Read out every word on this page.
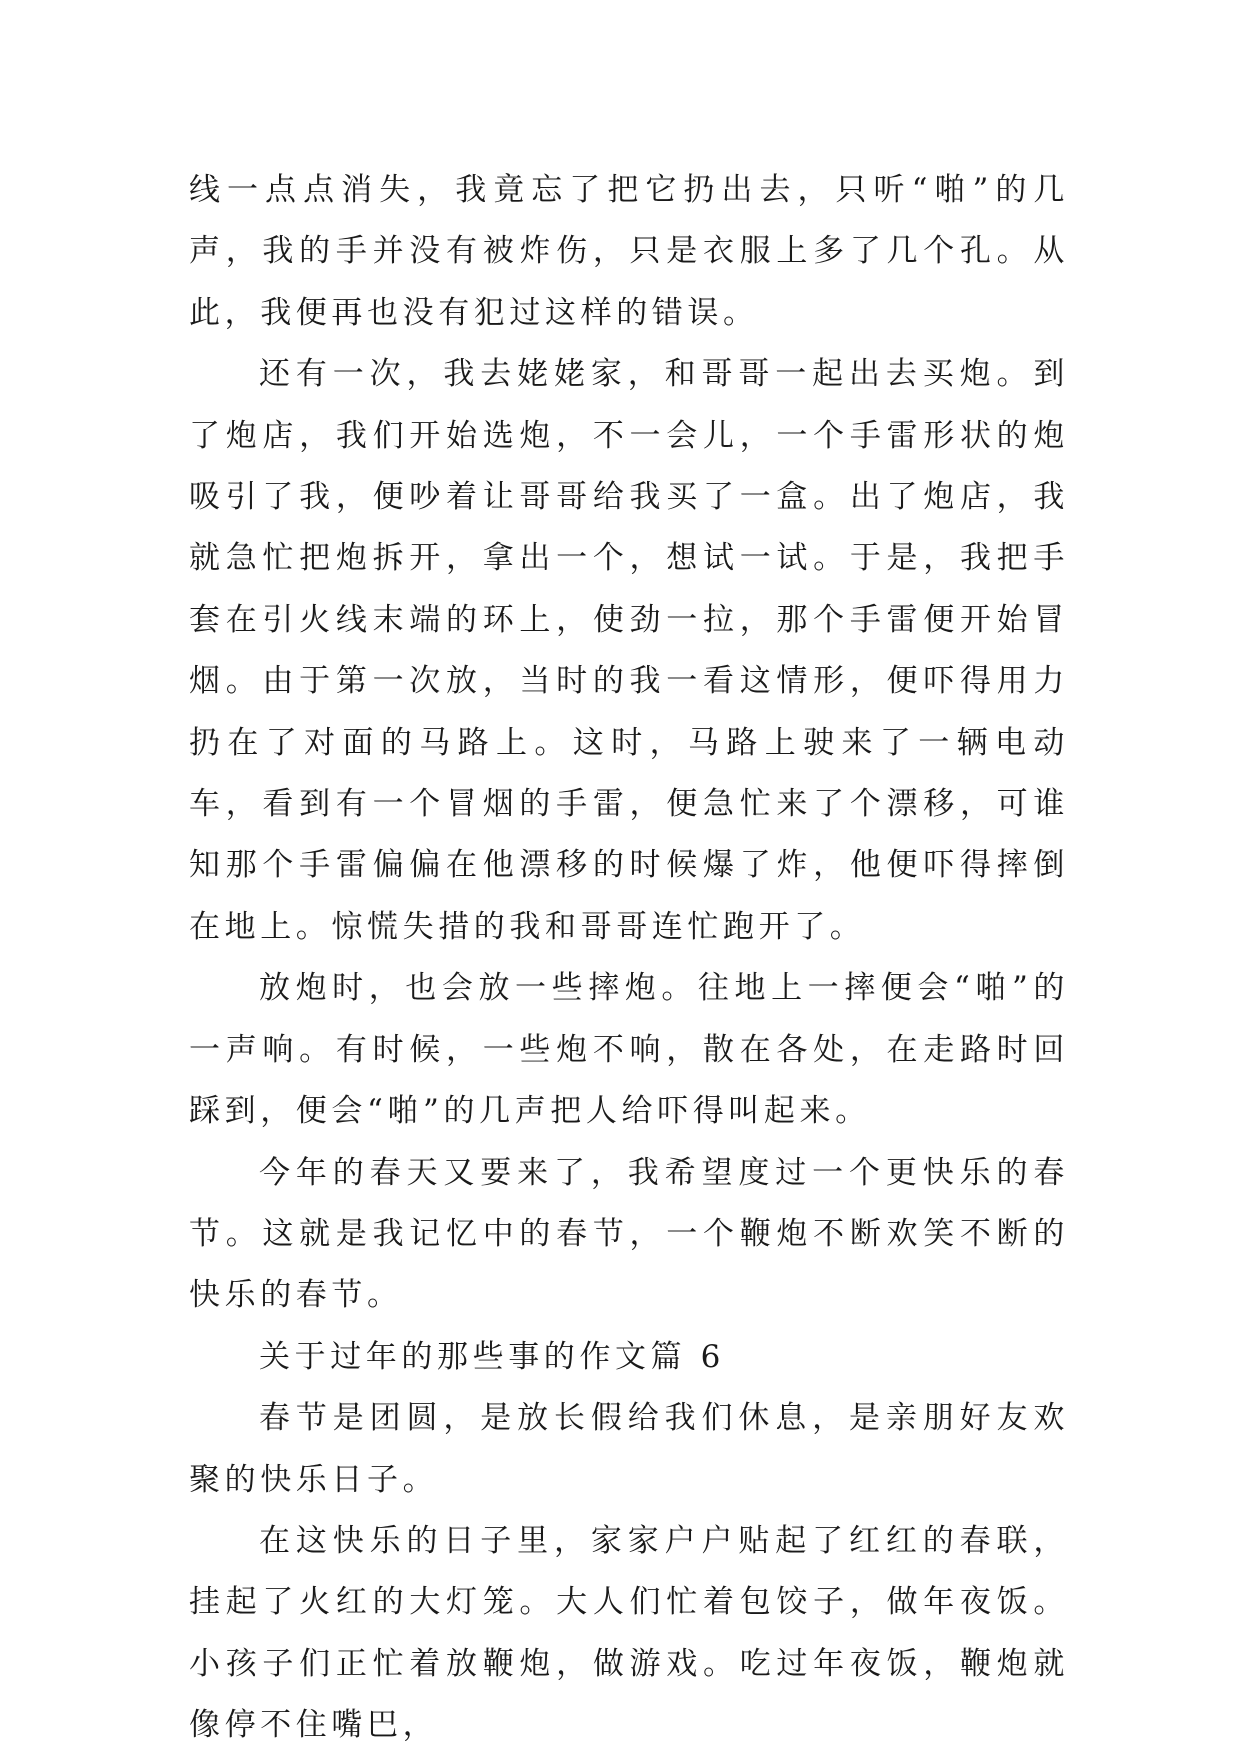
线一点点消失，我竟忘了把它扔出去，只听“啪”的几声，我的手并没有被炸伤，只是衣服上多了几个孔。从此，我便再也没有犯过这样的错误。

还有一次，我去姥姥家，和哥哥一起出去买炮。到了炮店，我们开始选炮，不一会儿，一个手雷形状的炮吸引了我，便吵着让哥哥给我买了一盒。出了炮店，我就急忙把炮拆开，拿出一个，想试一试。于是，我把手套在引火线末端的环上，使劲一拉，那个手雷便开始冒烟。由于第一次放，当时的我一看这情形，便吓得用力扔在了对面的马路上。这时，马路上驶来了一辆电动车，看到有一个冒烟的手雷，便急忙来了个漂移，可谁知那个手雷偏偏在他漂移的时候爆了炸，他便吓得摔倒在地上。惊慌失措的我和哥哥连忙跑开了。

放炮时，也会放一些摔炮。往地上一摔便会“啪”的一声响。有时候，一些炮不响，散在各处，在走路时回踩到，便会“啪”的几声把人给吓得叫起来。

今年的春天又要来了，我希望度过一个更快乐的春节。这就是我记忆中的春节，一个鞭炮不断欢笑不断的快乐的春节。

关于过年的那些事的作文篇 6

春节是团圆，是放长假给我们休息，是亲朋好友欢聚的快乐日子。

在这快乐的日子里，家家户户贴起了红红的春联，挂起了火红的大灯笼。大人们忙着包饺子，做年夜饭。小孩子们正忙着放鞭炮，做游戏。吃过年夜饭，鞭炮就像停不住嘴巴，
